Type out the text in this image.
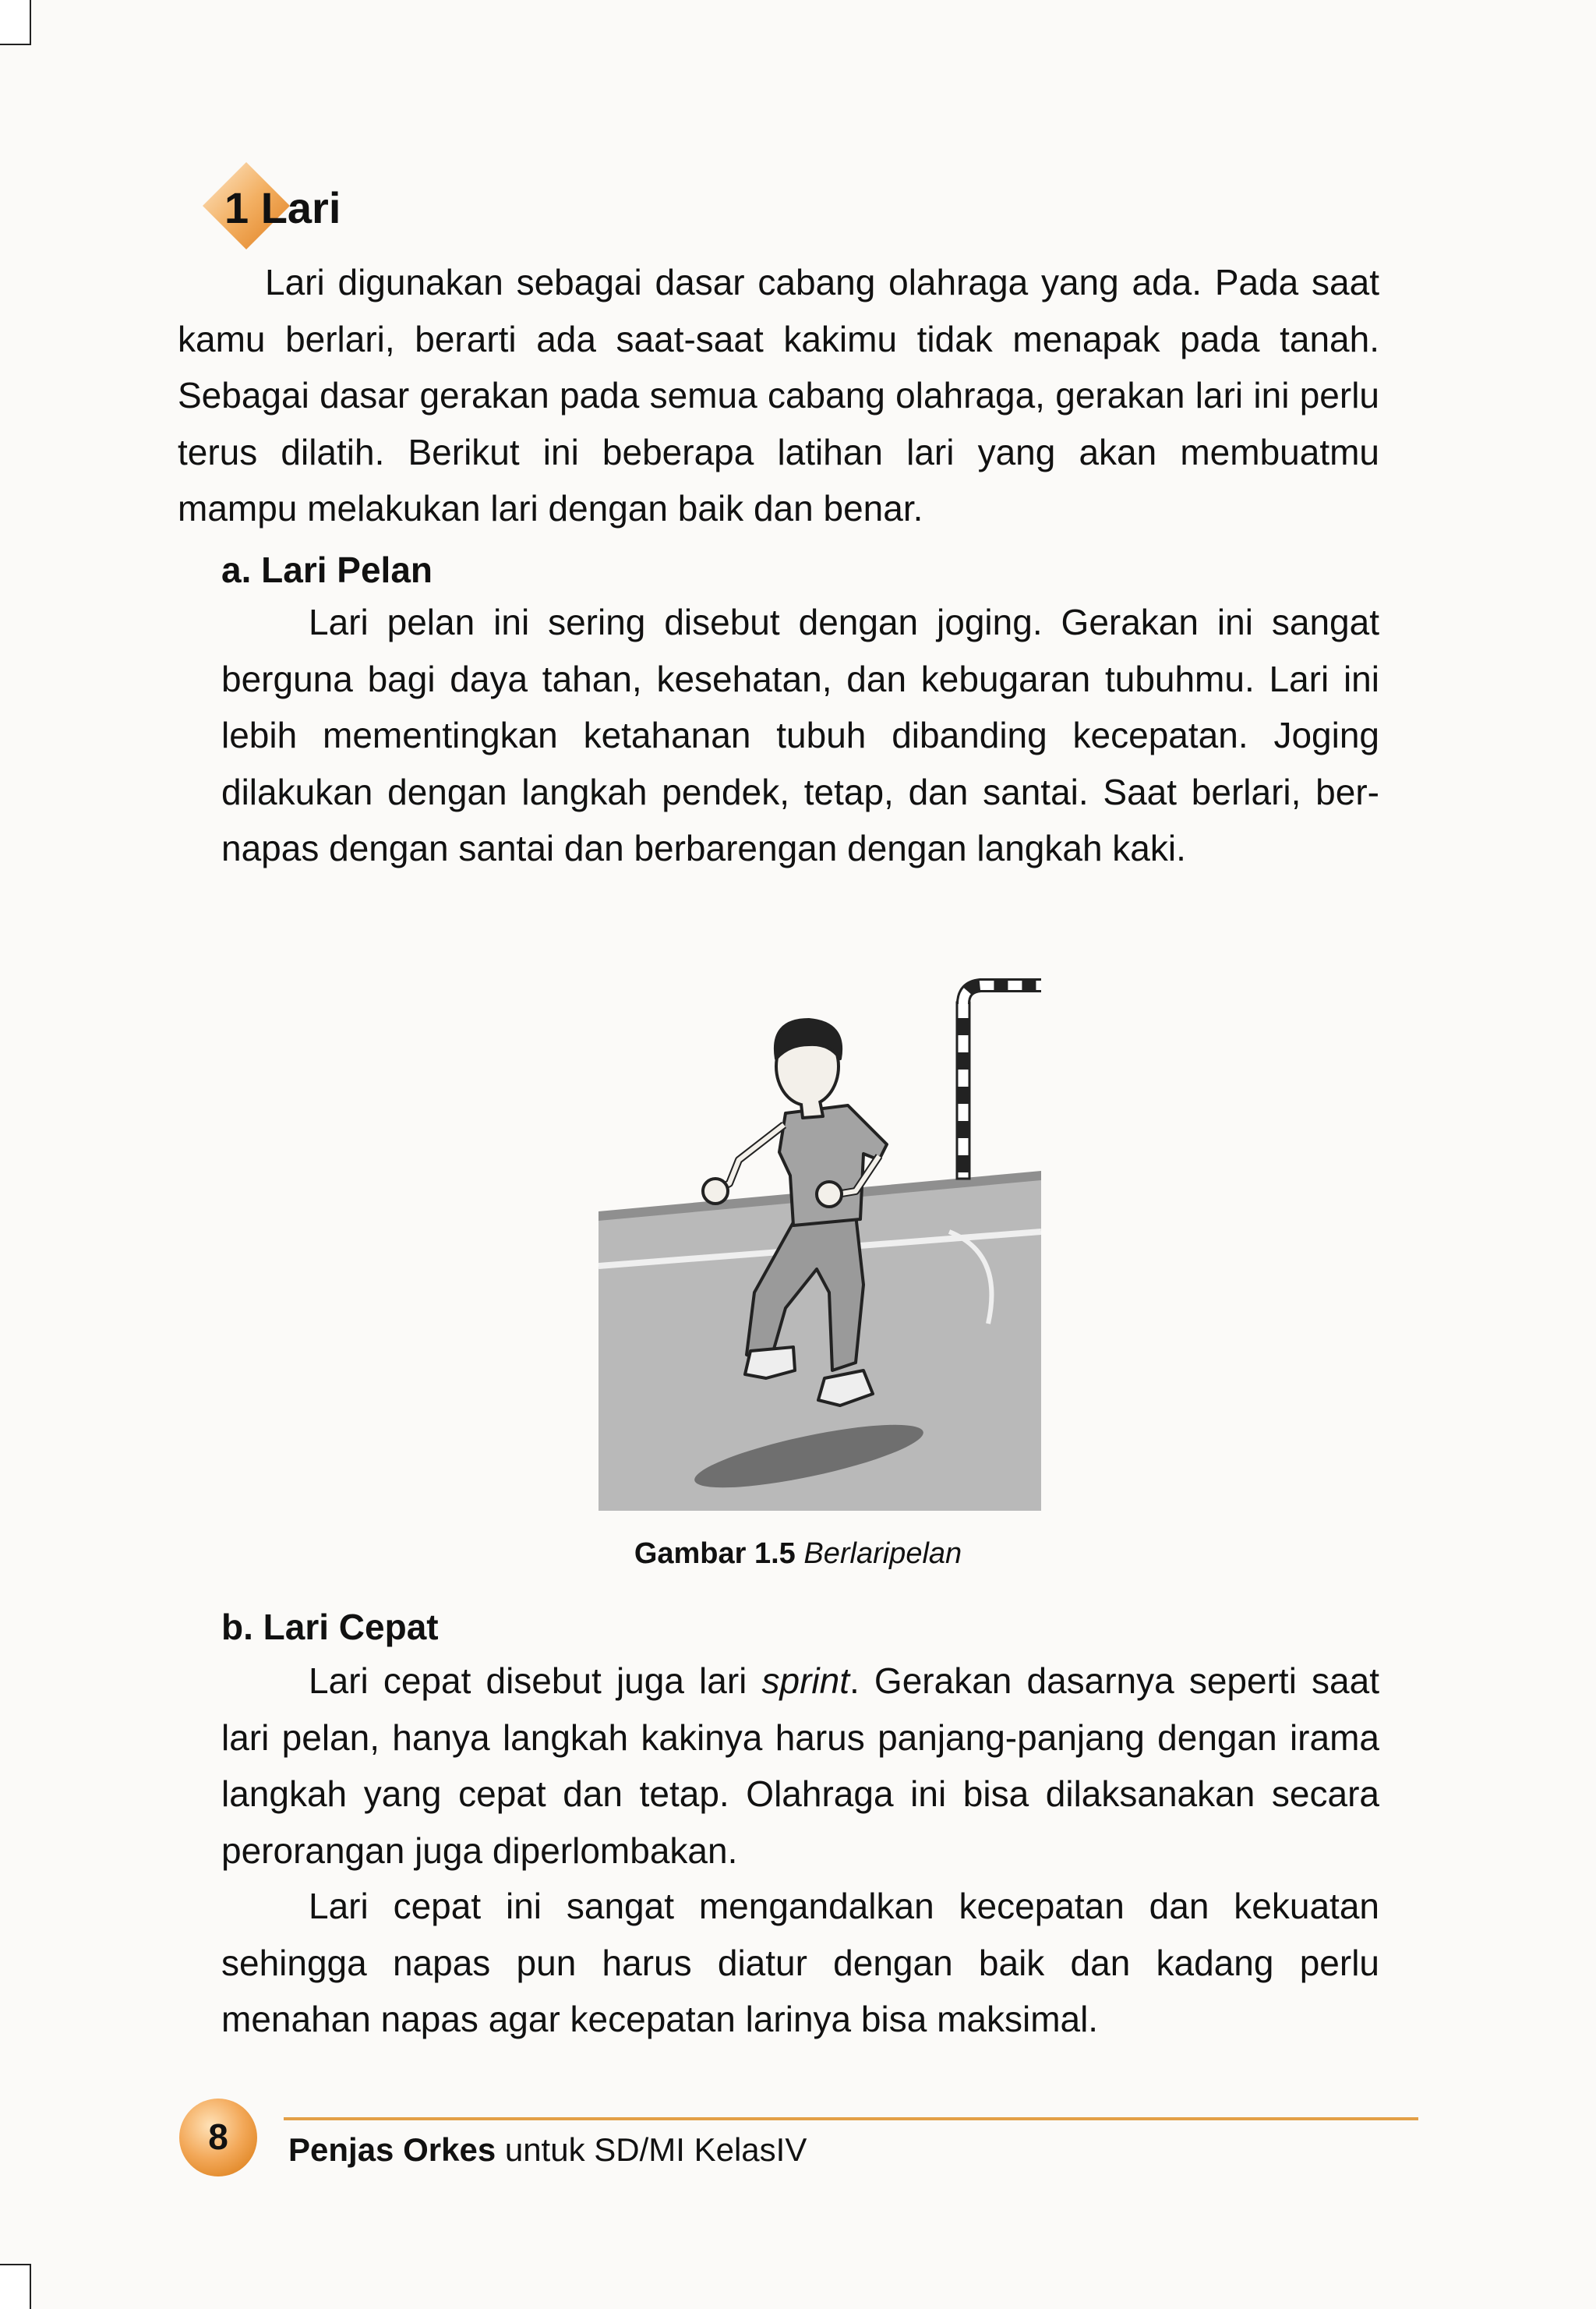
1 Lari

Lari digunakan sebagai dasar cabang olahraga yang ada. Pada saat kamu berlari, berarti ada saat-saat kakimu tidak menapak pada tanah. Sebagai dasar gerakan pada semua cabang olahraga, gerakan lari ini perlu terus dilatih. Berikut ini beberapa latihan lari yang akan membuatmu mampu melakukan lari dengan baik dan benar.

a. Lari Pelan

Lari pelan ini sering disebut dengan joging. Gerakan ini sangat berguna bagi daya tahan, kesehatan, dan kebugaran tubuhmu. Lari ini lebih mementingkan ketahanan tubuh dibanding kecepatan. Joging dilakukan dengan langkah pendek, tetap, dan santai. Saat berlari, bernapas dengan santai dan berbarengan dengan langkah kaki.

Gambar 1.5 Berlaripelan
b. Lari Cepat

Lari cepat disebut juga lari sprint. Gerakan dasarnya seperti saat lari pelan, hanya langkah kakinya harus panjang-panjang dengan irama langkah yang cepat dan tetap. Olahraga ini bisa dilaksanakan secara perorangan juga diperlombakan.

Lari cepat ini sangat mengandalkan kecepatan dan kekuatan sehingga napas pun harus diatur dengan baik dan kadang perlu menahan napas agar kecepatan larinya bisa maksimal.

8	Penjas Orkes untuk SD/MI KelasIV
